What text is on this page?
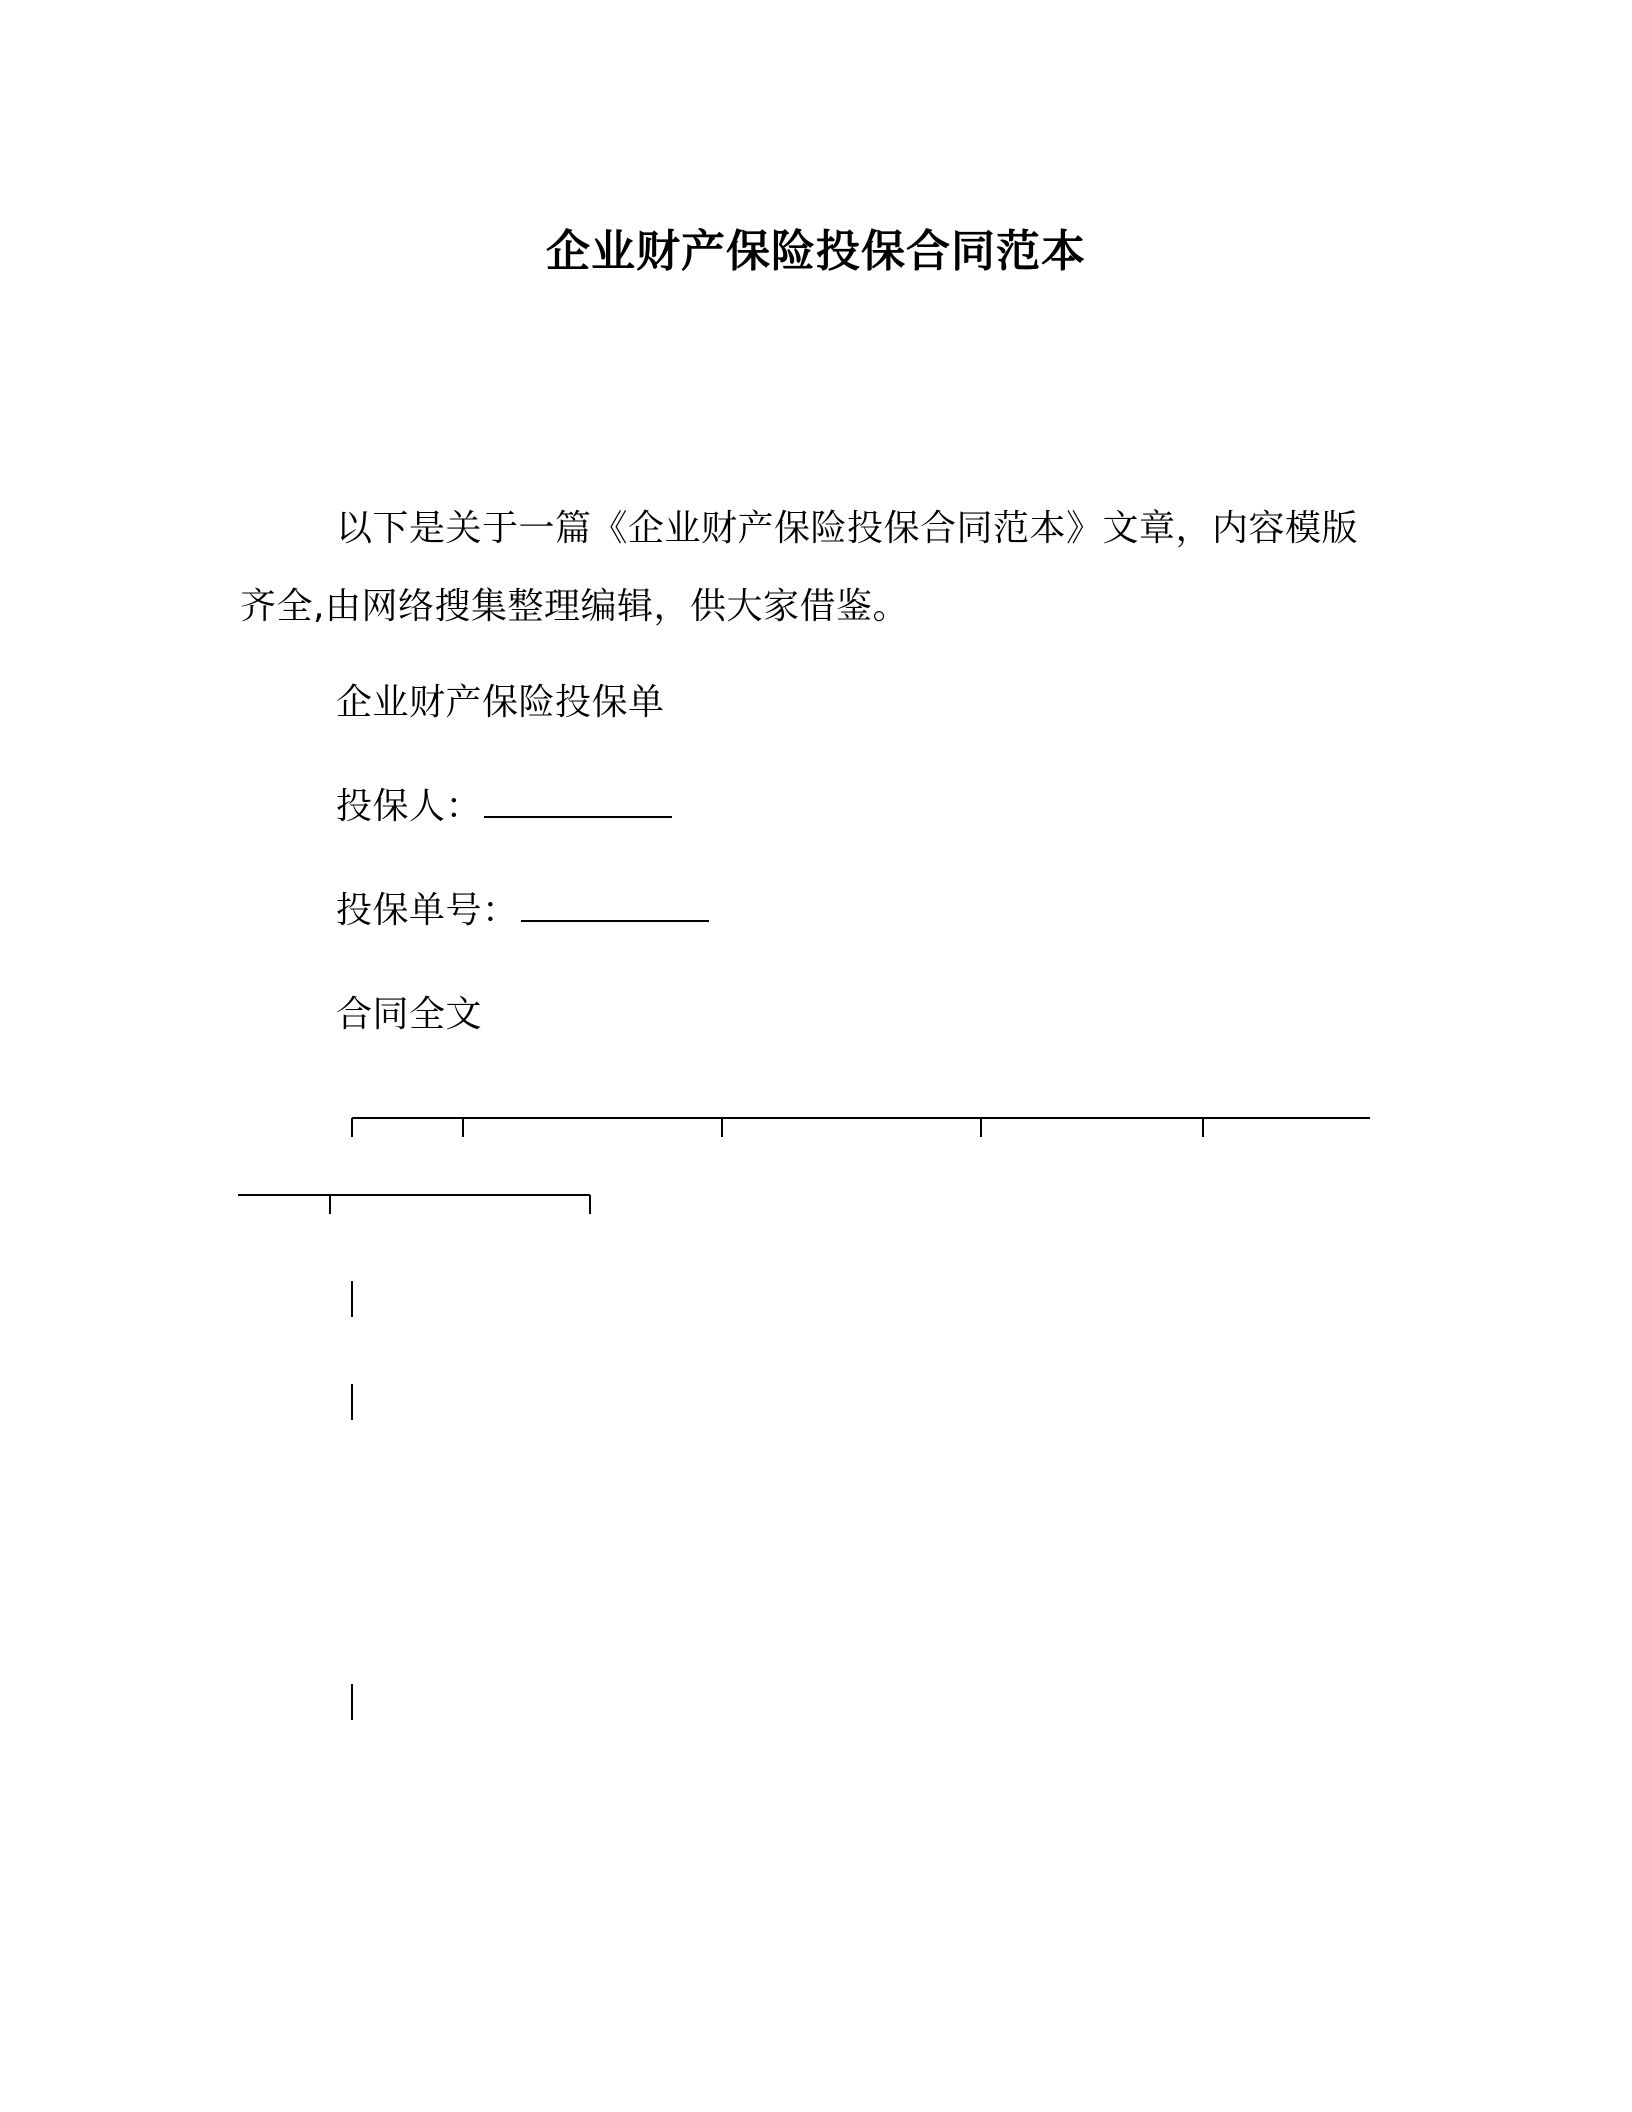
企业财产保险投保合同范本
以下是关于一篇《企业财产保险投保合同范本》文章，内容模版齐全,由网络搜集整理编辑，供大家借鉴。
企业财产保险投保单
投保人：
投保单号：
合同全文
